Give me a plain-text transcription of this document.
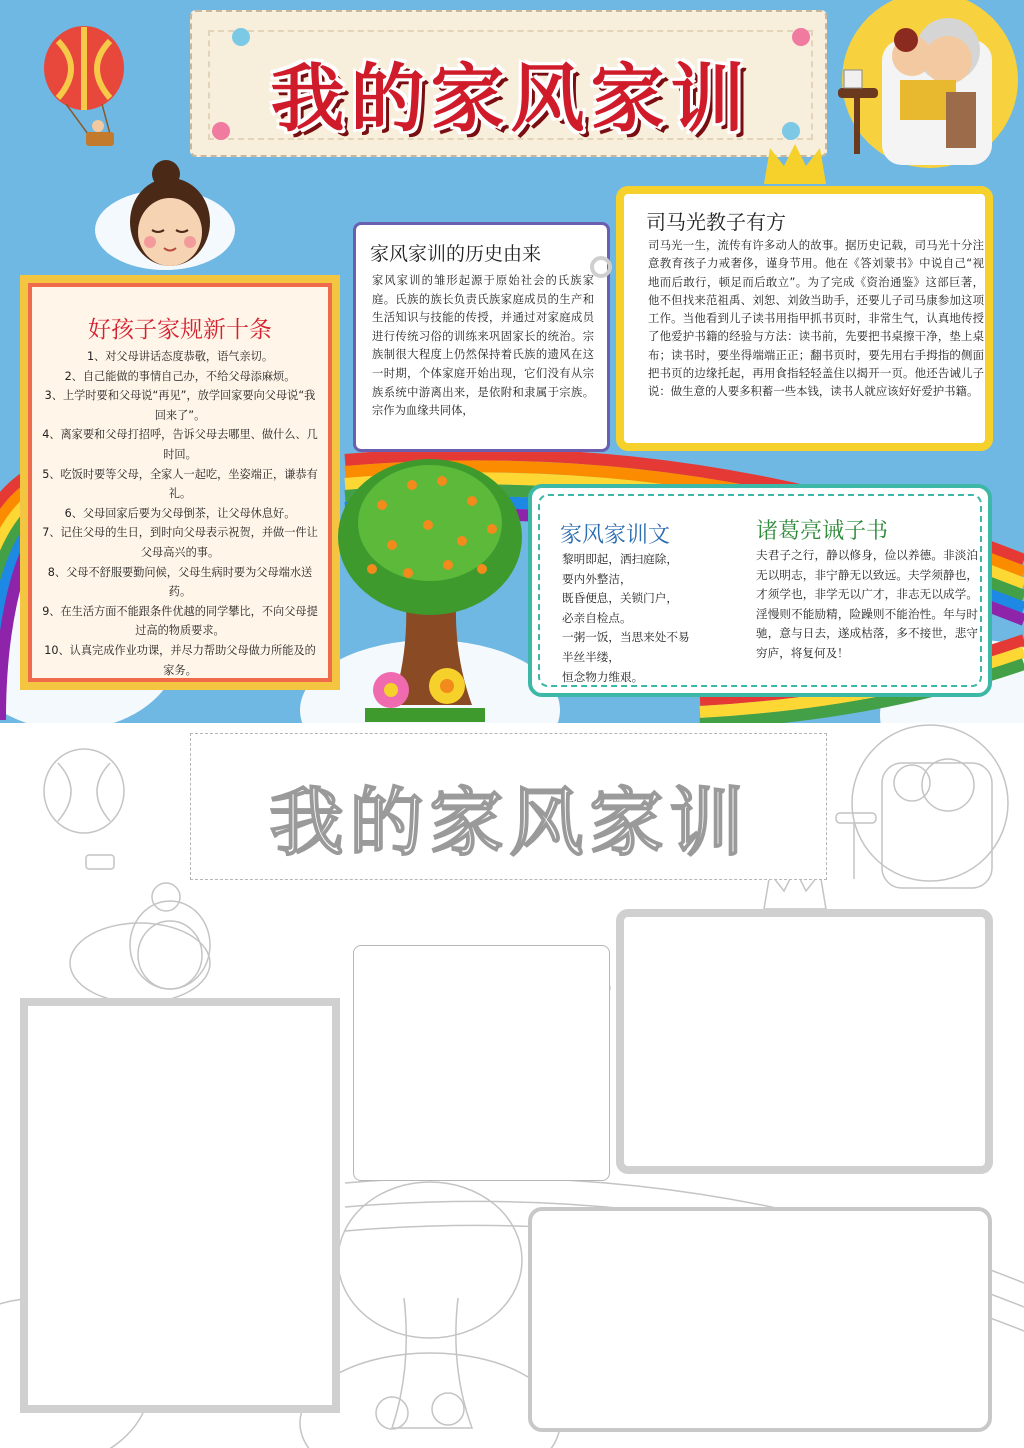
我的家风家训
好孩子家规新十条

1、对父母讲话态度恭敬，语气亲切。

2、自己能做的事情自己办，不给父母添麻烦。

3、上学时要和父母说“再见”，放学回家要向父母说“我回来了”。

4、离家要和父母打招呼，告诉父母去哪里、做什么、几时回。

5、吃饭时要等父母，全家人一起吃，坐姿端正，谦恭有礼。

6、父母回家后要为父母倒茶，让父母休息好。

7、记住父母的生日，到时向父母表示祝贺，并做一件让父母高兴的事。

8、父母不舒服要勤问候，父母生病时要为父母端水送药。

9、在生活方面不能跟条件优越的同学攀比，不向父母提过高的物质要求。

10、认真完成作业功课，并尽力帮助父母做力所能及的家务。

家风家训的历史由来

家风家训的雏形起源于原始社会的氏族家庭。氏族的族长负责氏族家庭成员的生产和生活知识与技能的传授，并通过对家庭成员进行传统习俗的训练来巩固家长的统治。宗族制很大程度上仍然保持着氏族的遗风在这一时期，个体家庭开始出现，它们没有从宗族系统中游离出来，是依附和隶属于宗族。宗作为血缘共同体，

司马光教子有方

司马光一生，流传有许多动人的故事。据历史记载，司马光十分注意教育孩子力戒奢侈，谨身节用。他在《答刘蒙书》中说自己“视地而后敢行，顿足而后敢立”。为了完成《资治通鉴》这部巨著，他不但找来范祖禹、刘恕、刘敛当助手，还要儿子司马康参加这项工作。当他看到儿子读书用指甲抓书页时，非常生气，认真地传授了他爱护书籍的经验与方法：读书前，先要把书桌擦干净，垫上桌布；读书时，要坐得端端正正；翻书页时，要先用右手拇指的侧面把书页的边缘托起，再用食指轻轻盖住以揭开一页。他还告诫儿子说：做生意的人要多积蓄一些本钱，读书人就应该好好爱护书籍。

家风家训文

黎明即起，洒扫庭除，

要内外整洁，

既昏便息，关锁门户，

必亲自检点。

一粥一饭，当思来处不易

半丝半缕，

恒念物力维艰。

诸葛亮诫子书

夫君子之行，静以修身，俭以养德。非淡泊无以明志，非宁静无以致远。夫学须静也，才须学也，非学无以广才，非志无以成学。淫慢则不能励精，险躁则不能治性。年与时驰，意与日去，遂成枯落，多不接世，悲守穷庐，将复何及！

我的家风家训
